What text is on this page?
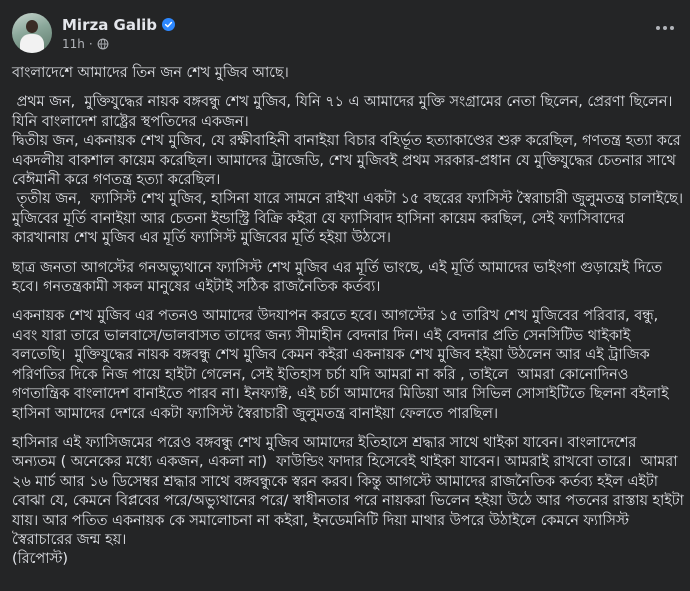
Mirza Galib
11h ·

বাংলাদেশে আমাদের তিন জন শেখ মুজিব আছে।

প্রথম জন,  মুক্তিযুদ্ধের নায়ক বঙ্গবন্ধু শেখ মুজিব, যিনি ৭১ এ আমাদের মুক্তি সংগ্রামের নেতা ছিলেন, প্রেরণা ছিলেন। যিনি বাংলাদেশ রাষ্ট্রের স্থপতিদের একজন।

দ্বিতীয় জন, একনায়ক শেখ মুজিব, যে রক্ষীবাহিনী বানাইয়া বিচার বহির্ভূত হত্যাকাণ্ডের শুরু করেছিল, গণতন্ত্র হত্যা করে একদলীয় বাকশাল কায়েম করেছিল। আমাদের ট্রাজেডি, শেখ মুজিবই প্রথম সরকার-প্রধান যে মুক্তিযুদ্ধের চেতনার সাথে বেঈমানী করে গণতন্ত্র হত্যা করেছিল।

তৃতীয় জন,  ফ্যাসিস্ট শেখ মুজিব, হাসিনা যারে সামনে রাইখা একটা ১৫ বছরের ফ্যাসিস্ট স্বৈরাচারী জুলুমতন্ত্র চালাইছে। মুজিবের মূর্তি বানাইয়া আর চেতনা ইন্ডাস্ট্রি বিক্রি কইরা যে ফ্যাসিবাদ হাসিনা কায়েম করছিল, সেই ফ্যাসিবাদের কারখানায় শেখ মুজিব এর মূর্তি ফ্যাসিস্ট মুজিবের মূর্তি হইয়া উঠসে।

ছাত্র জনতা আগস্টের গনঅভ্যুথানে ফ্যাসিস্ট শেখ মুজিব এর মূর্তি ভাংছে, এই মূর্তি আমাদের ভাইংগা গুড়ায়েই দিতে হবে। গনতন্ত্রকামী সকল মানুষের এইটাই সঠিক রাজনৈতিক কর্তব্য।

একনায়ক শেখ মুজিব এর পতনও আমাদের উদযাপন করতে হবে। আগস্টের ১৫ তারিখ শেখ মুজিবের পরিবার, বন্ধু, এবং যারা তারে ভালবাসে/ভালবাসত তাদের জন্য সীমাহীন বেদনার দিন। এই বেদনার প্রতি সেনসিটিভ থাইকাই বলতেছি।  মুক্তিযুদ্ধের নায়ক বঙ্গবন্ধু শেখ মুজিব কেমন কইরা একনায়ক শেখ মুজিব হইয়া উঠলেন আর এই ট্রাজিক পরিণতির দিকে নিজ পায়ে হাইটা গেলেন, সেই ইতিহাস চর্চা যদি আমরা না করি , তাইলে  আমরা কোনোদিনও গণতান্ত্রিক বাংলাদেশ বানাইতে পারব না। ইনফ্যাক্ট, এই চর্চা আমাদের মিডিয়া আর সিভিল সোসাইটিতে ছিলনা বইলাই হাসিনা আমাদের দেশরে একটা ফ্যাসিস্ট স্বৈরাচারী জুলুমতন্ত্র বানাইয়া ফেলতে পারছিল।

হাসিনার এই ফ্যাসিজমের পরেও বঙ্গবন্ধু শেখ মুজিব আমাদের ইতিহাসে শ্রদ্ধার সাথে থাইকা যাবেন। বাংলাদেশের অন্যতম ( অনেকের মধ্যে একজন, একলা না)  ফাউন্ডিং ফাদার হিসেবেই থাইকা যাবেন। আমরাই রাখবো তারে।  আমরা ২৬ মার্চ আর ১৬ ডিসেম্বর শ্রদ্ধার সাথে বঙ্গবন্ধুকে স্বরন করব। কিন্তু আগস্টে আমাদের রাজনৈতিক কর্তব্য হইল এইটা বোঝা যে, কেমনে বিপ্লবের পরে/অভ্যুথানের পরে/ স্বাধীনতার পরে নায়করা ভিলেন হইয়া উঠে আর পতনের রাস্তায় হাইটা যায়। আর পতিত একনায়ক কে সমালোচনা না কইরা, ইনডেমনিটি দিয়া মাথার উপরে উঠাইলে কেমনে ফ্যাসিস্ট স্বৈরাচারের জন্ম হয়।

(রিপোস্ট)
